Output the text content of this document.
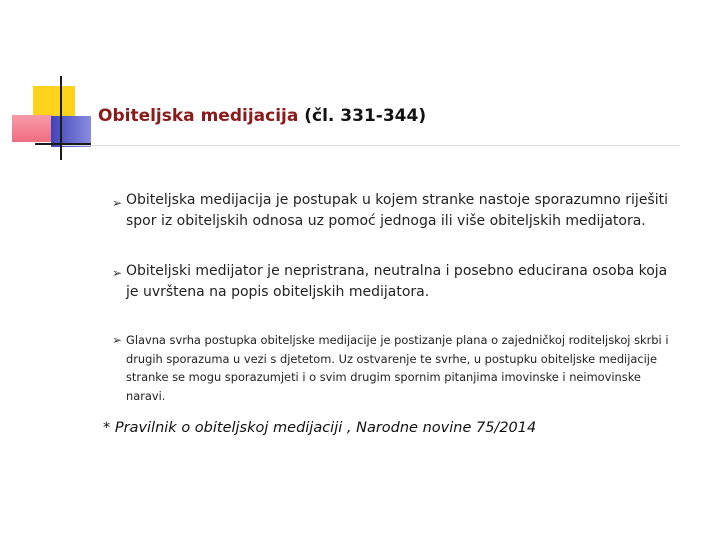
Obiteljska medijacija (čl. 331-344)
➢ Obiteljska medijacija je postupak u kojem stranke nastoje sporazumno riješiti spor iz obiteljskih odnosa uz pomoć jednoga ili više obiteljskih medijatora.

➢ Obiteljski medijator je nepristrana, neutralna i posebno educirana osoba koja je uvrštena na popis obiteljskih medijatora.

➢ Glavna svrha postupka obiteljske medijacije je postizanje plana o zajedničkoj roditeljskoj skrbi i drugih sporazuma u vezi s djetetom. Uz ostvarenje te svrhe, u postupku obiteljske medijacije stranke se mogu sporazumjeti i o svim drugim spornim pitanjima imovinske i neimovinske naravi.

* Pravilnik o obiteljskoj medijaciji , Narodne novine 75/2014
